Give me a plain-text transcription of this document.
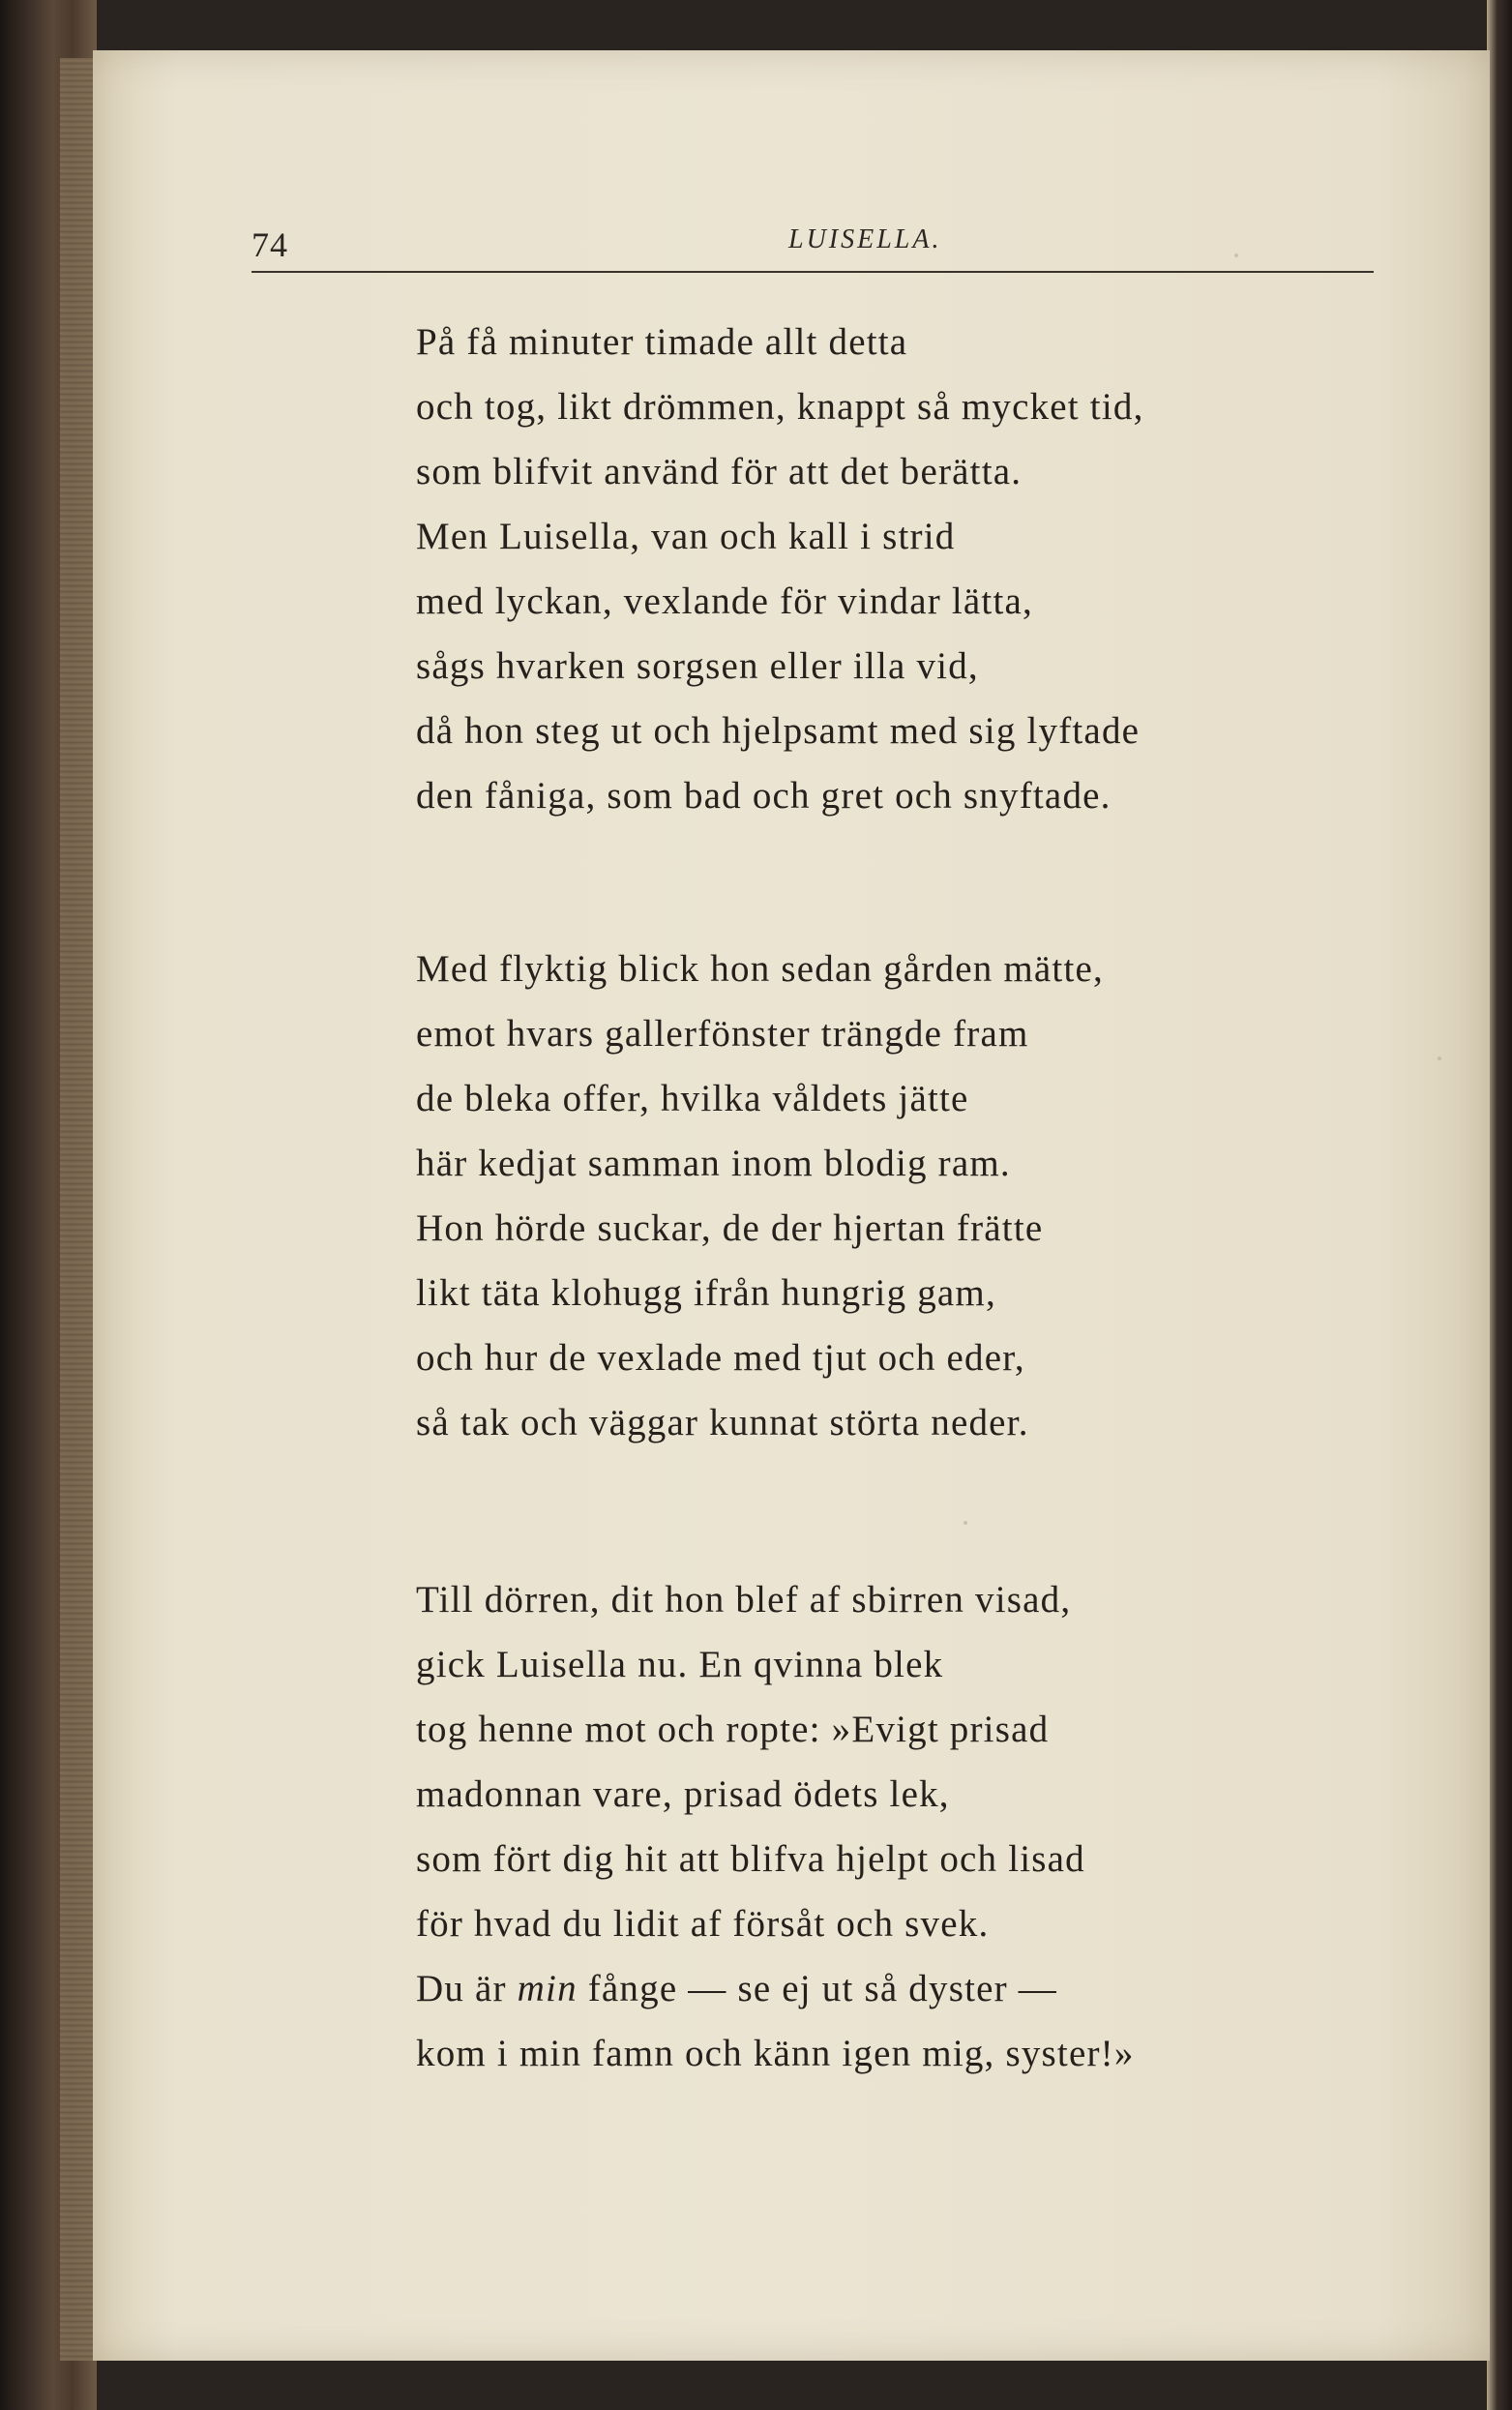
74	LUISELLA.
På få minuter timade allt detta
och tog, likt drömmen, knappt så mycket tid,
som blifvit använd för att det berätta.
Men Luisella, van och kall i strid
med lyckan, vexlande för vindar lätta,
sågs hvarken sorgsen eller illa vid,
då hon steg ut och hjelpsamt med sig lyftade
den fåniga, som bad och gret och snyftade.
Med flyktig blick hon sedan gården mätte,
emot hvars gallerfönster trängde fram
de bleka offer, hvilka våldets jätte
här kedjat samman inom blodig ram.
Hon hörde suckar, de der hjertan frätte
likt täta klohugg ifrån hungrig gam,
och hur de vexlade med tjut och eder,
så tak och väggar kunnat störta neder.
Till dörren, dit hon blef af sbirren visad,
gick Luisella nu. En qvinna blek
tog henne mot och ropte: »Evigt prisad
madonnan vare, prisad ödets lek,
som fört dig hit att blifva hjelpt och lisad
för hvad du lidit af försåt och svek.
Du är min fånge — se ej ut så dyster —
kom i min famn och känn igen mig, syster!»
